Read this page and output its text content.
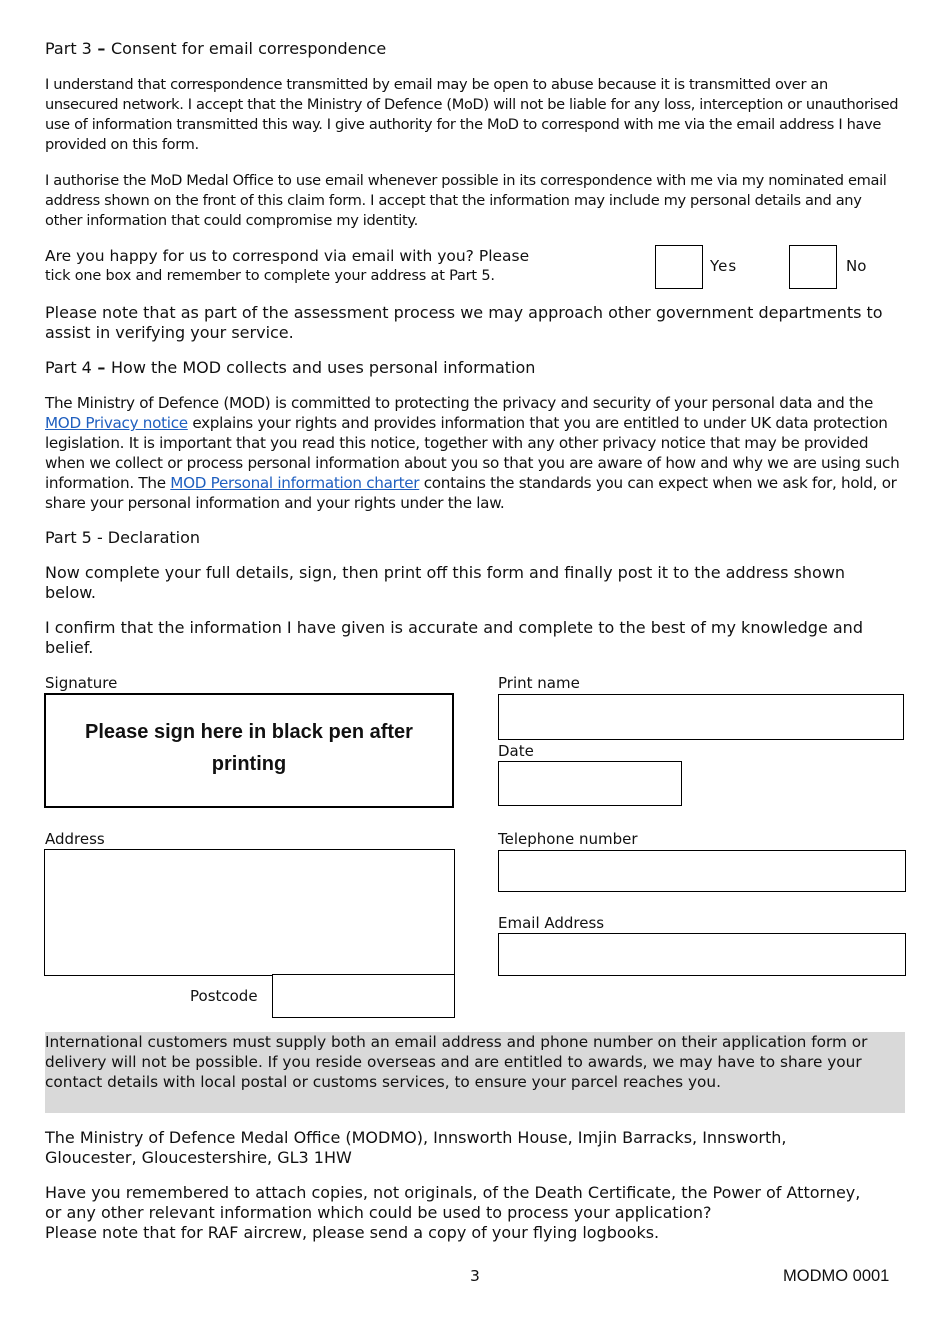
Part 3 – Consent for email correspondence
I understand that correspondence transmitted by email may be open to abuse because it is transmitted over an unsecured network. I accept that the Ministry of Defence (MoD) will not be liable for any loss, interception or unauthorised use of information transmitted this way. I give authority for the MoD to correspond with me via the email address I have provided on this form.
I authorise the MoD Medal Office to use email whenever possible in its correspondence with me via my nominated email address shown on the front of this claim form. I accept that the information may include my personal details and any other information that could compromise my identity.
Are you happy for us to correspond via email with you? Please
tick one box and remember to complete your address at Part 5.
Yes	No
Please note that as part of the assessment process we may approach other government departments to assist in verifying your service.
Part 4 – How the MOD collects and uses personal information
The Ministry of Defence (MOD) is committed to protecting the privacy and security of your personal data and the MOD Privacy notice explains your rights and provides information that you are entitled to under UK data protection legislation. It is important that you read this notice, together with any other privacy notice that may be provided when we collect or process personal information about you so that you are aware of how and why we are using such information. The MOD Personal information charter contains the standards you can expect when we ask for, hold, or share your personal information and your rights under the law.
Part 5 - Declaration
Now complete your full details, sign, then print off this form and finally post it to the address shown below.
I confirm that the information I have given is accurate and complete to the best of my knowledge and belief.
Signature
Please sign here in black pen after printing
Print name
Date
Address
Postcode
Telephone number
Email Address
International customers must supply both an email address and phone number on their application form or delivery will not be possible. If you reside overseas and are entitled to awards, we may have to share your contact details with local postal or customs services, to ensure your parcel reaches you.
The Ministry of Defence Medal Office (MODMO), Innsworth House, Imjin Barracks, Innsworth,
Gloucester, Gloucestershire, GL3 1HW
Have you remembered to attach copies, not originals, of the Death Certificate, the Power of Attorney,
or any other relevant information which could be used to process your application?
Please note that for RAF aircrew, please send a copy of your flying logbooks.
3	MODMO 0001
